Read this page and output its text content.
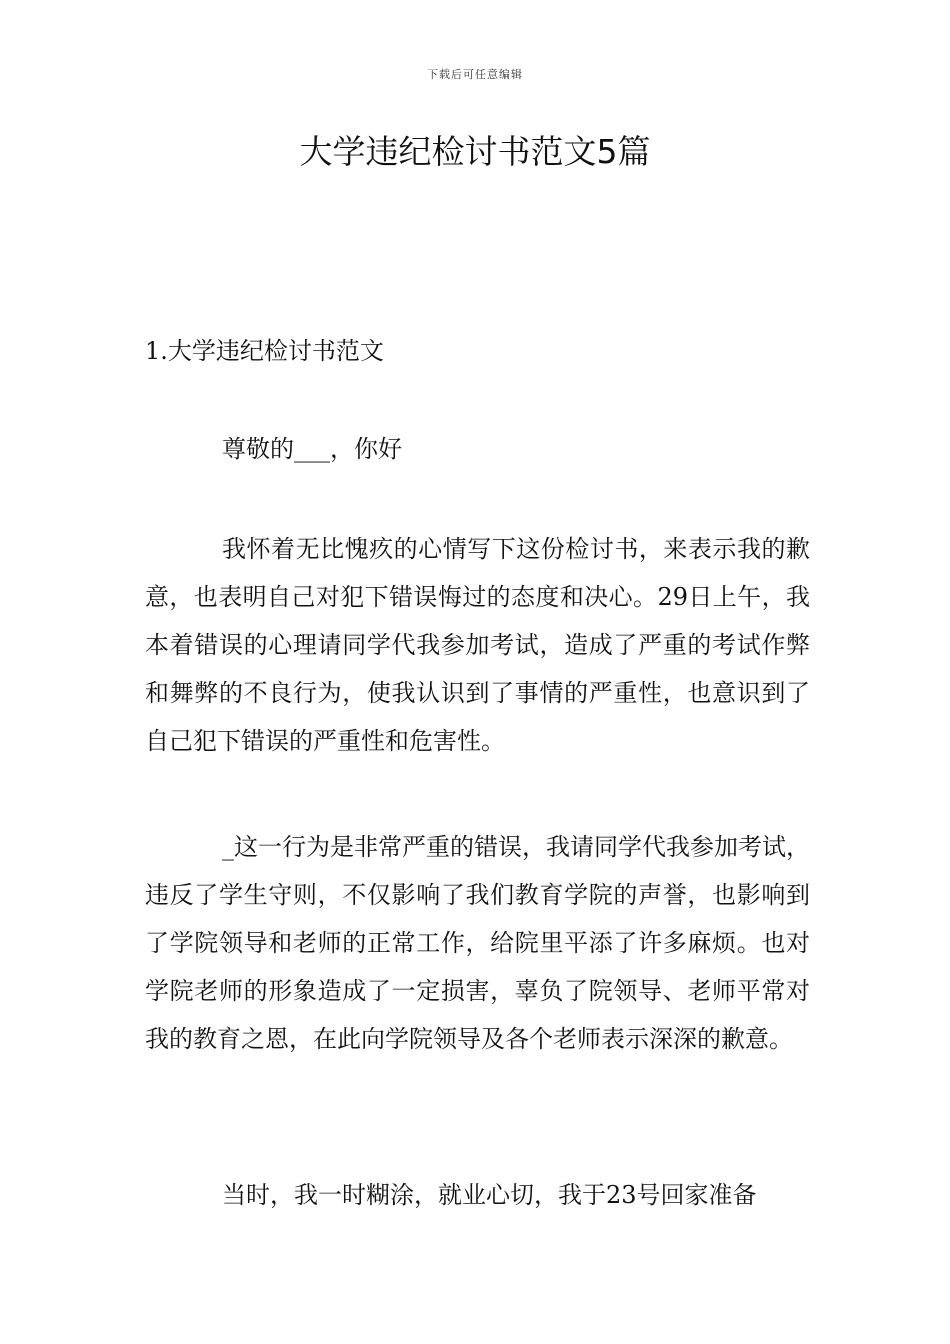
下载后可任意编辑
大学违纪检讨书范文5篇

1.大学违纪检讨书范文

尊敬的___，你好

我怀着无比愧疚的心情写下这份检讨书，来表示我的歉意，也表明自己对犯下错误悔过的态度和决心。29日上午，我本着错误的心理请同学代我参加考试，造成了严重的考试作弊和舞弊的不良行为，使我认识到了事情的严重性，也意识到了自己犯下错误的严重性和危害性。

_这一行为是非常严重的错误，我请同学代我参加考试，违反了学生守则，不仅影响了我们教育学院的声誉，也影响到了学院领导和老师的正常工作，给院里平添了许多麻烦。也对学院老师的形象造成了一定损害，辜负了院领导、老师平常对我的教育之恩，在此向学院领导及各个老师表示深深的歉意。

当时，我一时糊涂，就业心切，我于23号回家准备
